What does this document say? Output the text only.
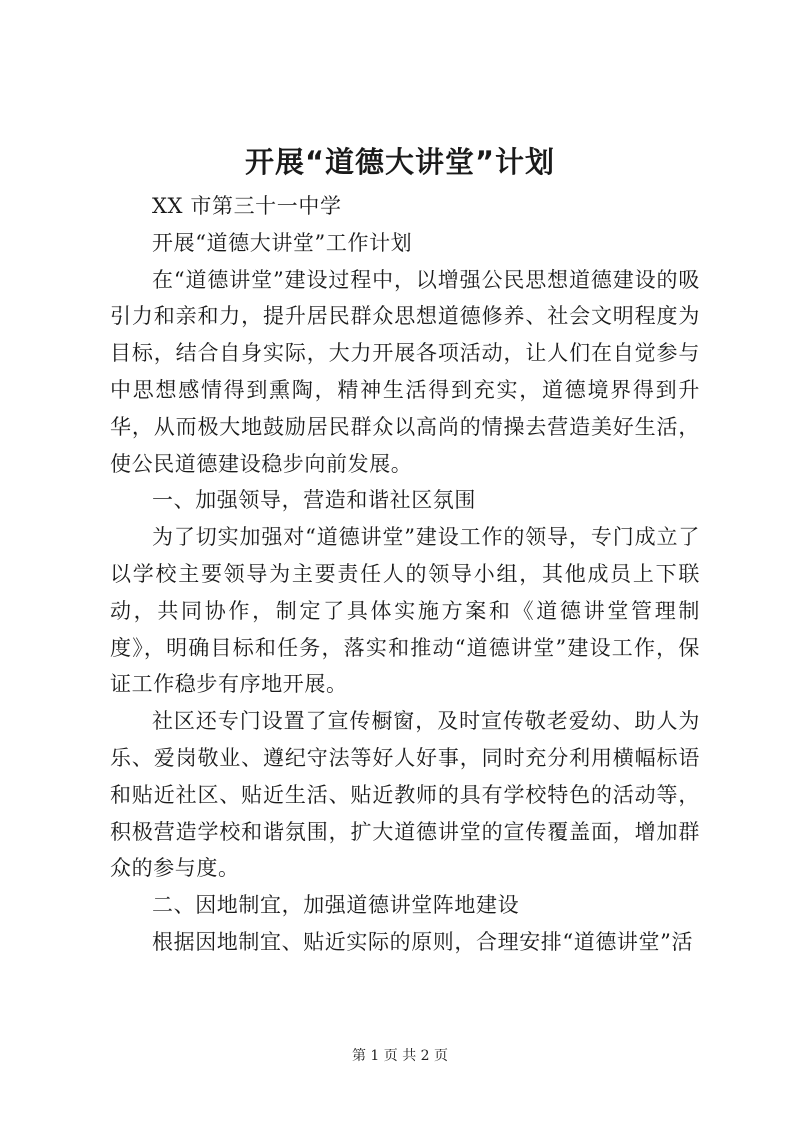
开展“道德大讲堂”计划

XX 市第三十一中学

开展“道德大讲堂”工作计划

在“道德讲堂”建设过程中，以增强公民思想道德建设的吸引力和亲和力，提升居民群众思想道德修养、社会文明程度为目标，结合自身实际，大力开展各项活动，让人们在自觉参与中思想感情得到熏陶，精神生活得到充实，道德境界得到升华，从而极大地鼓励居民群众以高尚的情操去营造美好生活，使公民道德建设稳步向前发展。

一、加强领导，营造和谐社区氛围

为了切实加强对“道德讲堂”建设工作的领导，专门成立了以学校主要领导为主要责任人的领导小组，其他成员上下联动，共同协作，制定了具体实施方案和《道德讲堂管理制度》，明确目标和任务，落实和推动“道德讲堂”建设工作，保证工作稳步有序地开展。

社区还专门设置了宣传橱窗，及时宣传敬老爱幼、助人为乐、爱岗敬业、遵纪守法等好人好事，同时充分利用横幅标语和贴近社区、贴近生活、贴近教师的具有学校特色的活动等，积极营造学校和谐氛围，扩大道德讲堂的宣传覆盖面，增加群众的参与度。

二、因地制宜，加强道德讲堂阵地建设

根据因地制宜、贴近实际的原则，合理安排“道德讲堂”活

第 1 页 共 2 页
